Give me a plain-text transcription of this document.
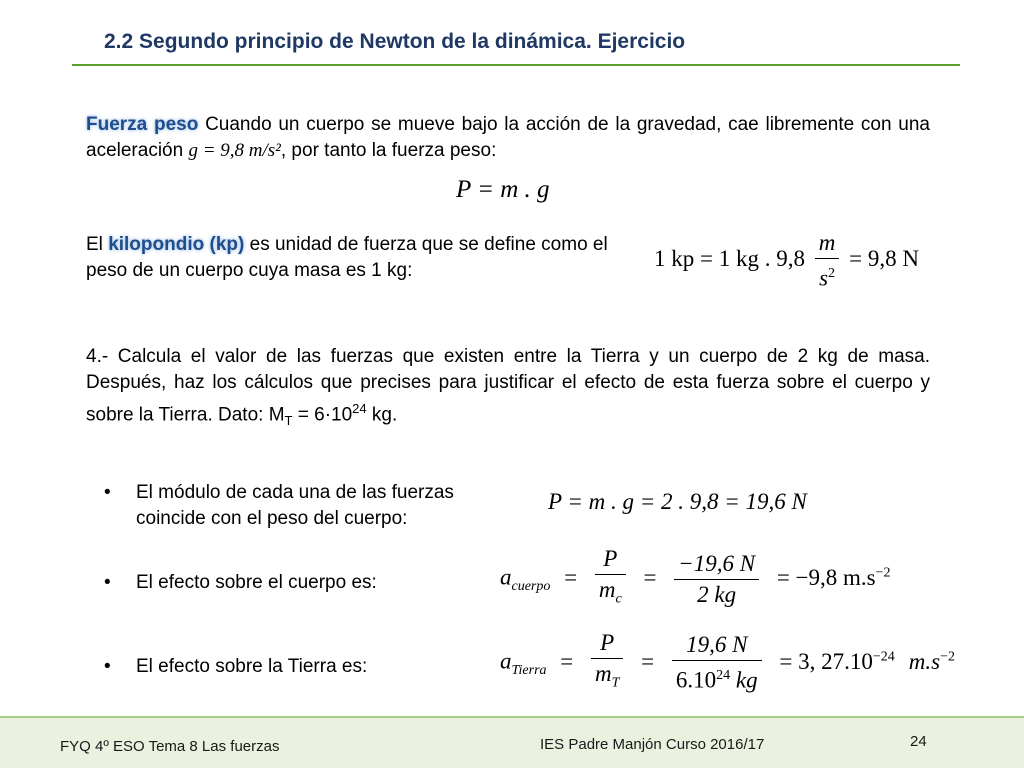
2.2 Segundo principio de Newton de la dinámica. Ejercicio
Fuerza peso Cuando un cuerpo se mueve bajo la acción de la gravedad, cae libremente con una aceleración g = 9,8 m/s², por tanto la fuerza peso:
P = m . g
El kilopondio (kp) es unidad de fuerza que se define como el peso de un cuerpo cuya masa es 1 kg:	1 kp = 1 kg . $9,8 \frac{m}{s^2} = 9,8$ N
4.- Calcula el valor de las fuerzas que existen entre la Tierra y un cuerpo de 2 kg de masa. Después, haz los cálculos que precises para justificar el efecto de esta fuerza sobre el cuerpo y sobre la Tierra. Dato: $M_T = 6\cdot 10^{24}$ kg.
• El módulo de cada una de las fuerzas coincide con el peso del cuerpo:
P = m . g = 2 . 9,8 = 19,6 N
• El efecto sobre el cuerpo es:	$a_{cuerpo} = \frac{P}{m_c} = \frac{-19,6 N}{2 kg} = -9,8$ $m.s^{-2}$
• El efecto sobre la Tierra es:	$a_{Tierra} = \frac{P}{m_T} = \frac{19,6 N}{6.10^{24} kg} = 3$, $27.10^{-24}$ $m.s^{-2}$
FYQ 4º ESO Tema 8 Las fuerzas	IES Padre Manjón Curso 2016/17	24
